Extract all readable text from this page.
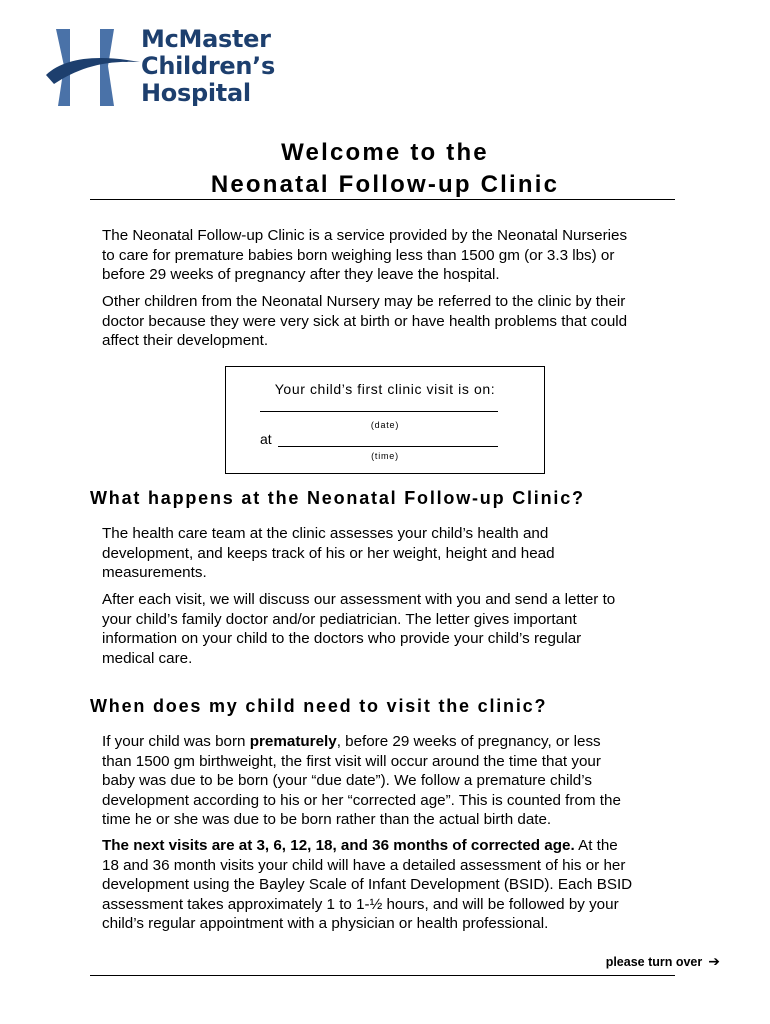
McMaster
Children’s
Hospital
Welcome to the
Neonatal Follow-up Clinic
The Neonatal Follow-up Clinic is a service provided by the Neonatal Nurseries
to care for premature babies born weighing less than 1500 gm (or 3.3 lbs) or
before 29 weeks of pregnancy after they leave the hospital.
Other children from the Neonatal Nursery may be referred to the clinic by their
doctor because they were very sick at birth or have health problems that could
affect their development.
Your child’s first clinic visit is on:
(date)
at
(time)
What happens at the Neonatal Follow-up Clinic?
The health care team at the clinic assesses your child’s health and
development, and keeps track of his or her weight, height and head
measurements.
After each visit, we will discuss our assessment with you and send a letter to
your child’s family doctor and/or pediatrician. The letter gives important
information on your child to the doctors who provide your child’s regular
medical care.
When does my child need to visit the clinic?
If your child was born prematurely, before 29 weeks of pregnancy, or less
than 1500 gm birthweight, the first visit will occur around the time that your
baby was due to be born (your “due date”). We follow a premature child’s
development according to his or her “corrected age”. This is counted from the
time he or she was due to be born rather than the actual birth date.
The next visits are at 3, 6, 12, 18, and 36 months of corrected age. At the
18 and 36 month visits your child will have a detailed assessment of his or her
development using the Bayley Scale of Infant Development (BSID). Each BSID
assessment takes approximately 1 to 1-½ hours, and will be followed by your
child’s regular appointment with a physician or health professional.
please turn over ➔
